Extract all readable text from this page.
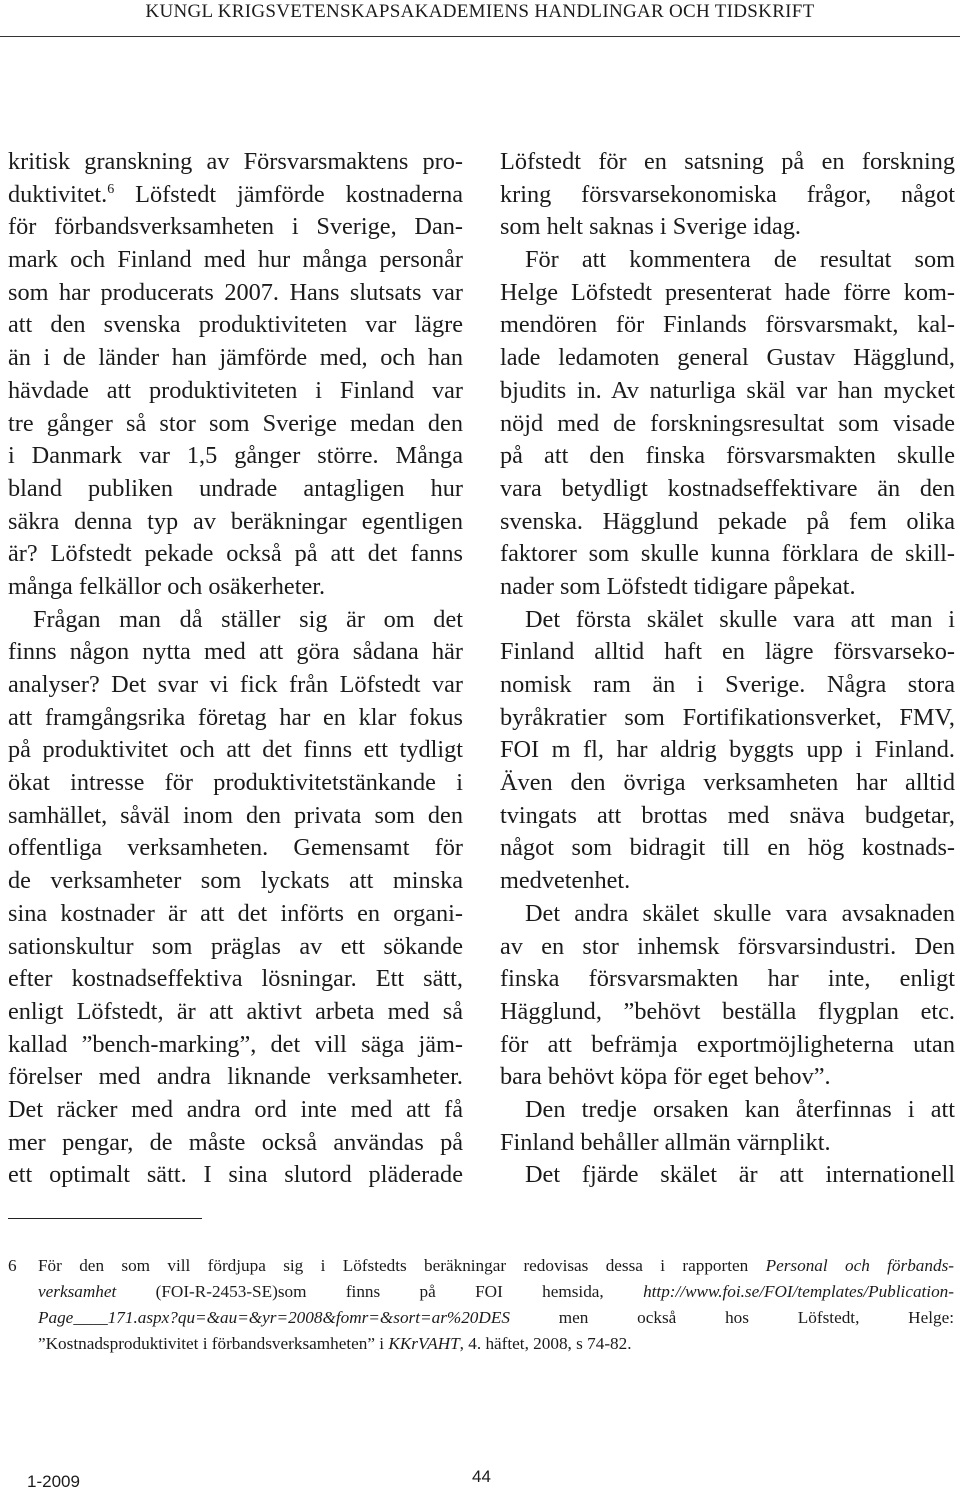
KUNGL KRIGSVETENSKAPSAKADEMIENS HANDLINGAR OCH TIDSKRIFT
kritisk granskning av Försvarsmaktens pro-
duktivitet.$^6$ Löfstedt jämförde kostnaderna
för förbandsverksamheten i Sverige, Dan-
mark och Finland med hur många personår
som har producerats 2007. Hans slutsats var
att den svenska produktiviteten var lägre
än i de länder han jämförde med, och han
hävdade att produktiviteten i Finland var
tre gånger så stor som Sverige medan den
i Danmark var 1,5 gånger större. Många
bland publiken undrade antagligen hur
säkra denna typ av beräkningar egentligen
är? Löfstedt pekade också på att det fanns
många felkällor och osäkerheter.
Frågan man då ställer sig är om det
finns någon nytta med att göra sådana här
analyser? Det svar vi fick från Löfstedt var
att framgångsrika företag har en klar fokus
på produktivitet och att det finns ett tydligt
ökat intresse för produktivitetstänkande i
samhället, såväl inom den privata som den
offentliga verksamheten. Gemensamt för
de verksamheter som lyckats att minska
sina kostnader är att det införts en organi-
sationskultur som präglas av ett sökande
efter kostnadseffektiva lösningar. Ett sätt,
enligt Löfstedt, är att aktivt arbeta med så
kallad ”bench-marking”, det vill säga jäm-
förelser med andra liknande verksamheter.
Det räcker med andra ord inte med att få
mer pengar, de måste också användas på
ett optimalt sätt. I sina slutord pläderade
Löfstedt för en satsning på en forskning
kring försvarsekonomiska frågor, något
som helt saknas i Sverige idag.
För att kommentera de resultat som
Helge Löfstedt presenterat hade förre kom-
mendören för Finlands försvarsmakt, kal-
lade ledamoten general Gustav Hägglund,
bjudits in. Av naturliga skäl var han mycket
nöjd med de forskningsresultat som visade
på att den finska försvarsmakten skulle
vara betydligt kostnadseffektivare än den
svenska. Hägglund pekade på fem olika
faktorer som skulle kunna förklara de skill-
nader som Löfstedt tidigare påpekat.
Det första skälet skulle vara att man i
Finland alltid haft en lägre försvarseko-
nomisk ram än i Sverige. Några stora
byråkratier som Fortifikationsverket, FMV,
FOI m fl, har aldrig byggts upp i Finland.
Även den övriga verksamheten har alltid
tvingats att brottas med snäva budgetar,
något som bidragit till en hög kostnads-
medvetenhet.
Det andra skälet skulle vara avsaknaden
av en stor inhemsk försvarsindustri. Den
finska försvarsmakten har inte, enligt
Hägglund, ”behövt beställa flygplan etc.
för att befrämja exportmöjligheterna utan
bara behövt köpa för eget behov”.
Den tredje orsaken kan återfinnas i att
Finland behåller allmän värnplikt.
Det fjärde skälet är att internationell
6 För den som vill fördjupa sig i Löfstedts beräkningar redovisas dessa i rapporten Personal och förbands-
verksamhet (FOI-R-2453-SE)som finns på FOI hemsida, http://www.foi.se/FOI/templates/Publication-
Page____171.aspx?qu=&au=&yr=2008&fomr=&sort=ar%20DES men också hos Löfstedt, Helge:
”Kostnadsproduktivitet i förbandsverksamheten” i KKrVAHT, 4. häftet, 2008, s 74-82.
1-2009	44
